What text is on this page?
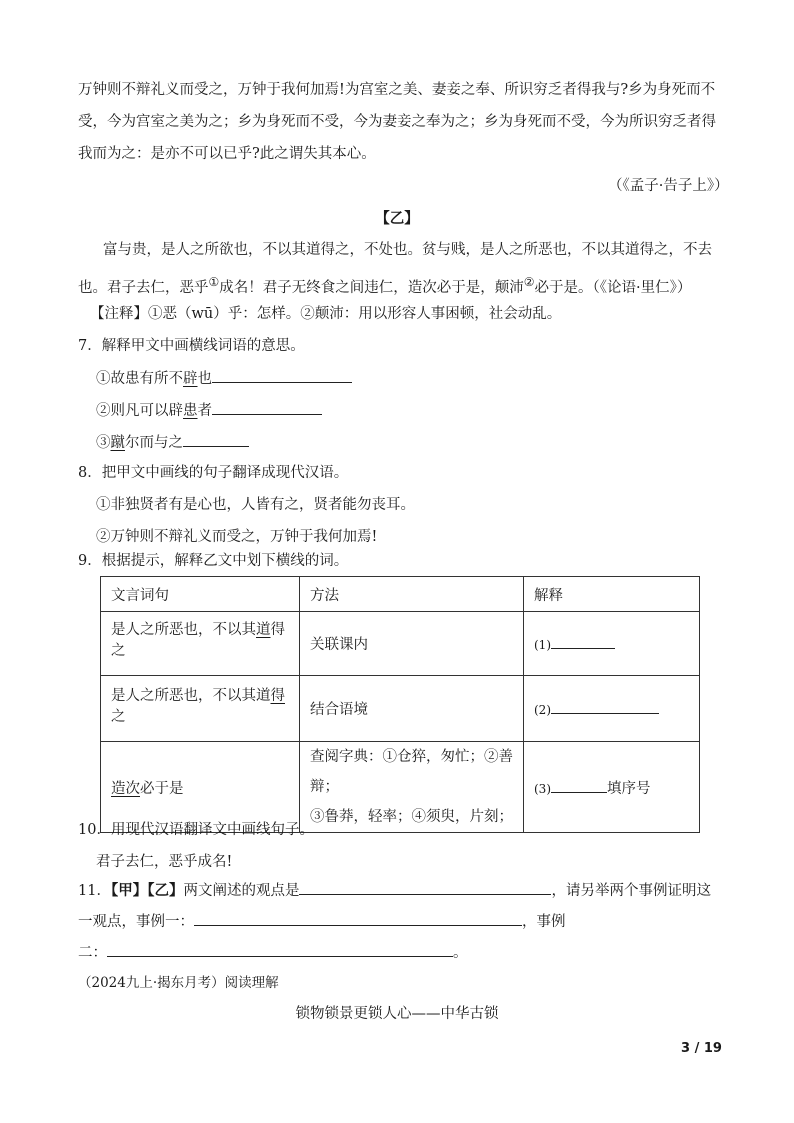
万钟则不辩礼义而受之，万钟于我何加焉!为宫室之美、妻妾之奉、所识穷乏者得我与?乡为身死而不
受，今为宫室之美为之；乡为身死而不受，今为妻妾之奉为之；乡为身死而不受，今为所识穷乏者得
我而为之：是亦不可以已乎?此之谓失其本心。
（《孟子·告子上》）
【乙】
富与贵，是人之所欲也，不以其道得之，不处也。贫与贱，是人之所恶也，不以其道得之，不去
也。君子去仁，恶乎①成名！君子无终食之间违仁，造次必于是，颠沛②必于是。（《论语·里仁》）
【注释】①恶（wū）乎：怎样。②颠沛：用以形容人事困顿，社会动乱。
7．解释甲文中画横线词语的意思。
①故患有所不辟也
②则凡可以辟患者
③蹴尔而与之
8．把甲文中画线的句子翻译成现代汉语。
①非独贤者有是心也，人皆有之，贤者能勿丧耳。
②万钟则不辩礼义而受之，万钟于我何加焉!
9．根据提示，解释乙文中划下横线的词。
文言词句	方法	解释
是人之所恶也，不以其道得之	关联课内	(1)
是人之所恶也，不以其道得之	结合语境	(2)
造次必于是	查阅字典：①仓猝，匆忙；②善辩；
③鲁莽，轻率；④须臾，片刻；	(3) 填序号
10．用现代汉语翻译文中画线句子。
君子去仁，恶乎成名!
11．【甲】【乙】两文阐述的观点是	，请另举两个事例证明这
一观点，事例一：	，事例
二：	。
（2024九上·揭东月考）阅读理解
锁物锁景更锁人心——中华古锁
3 / 19
